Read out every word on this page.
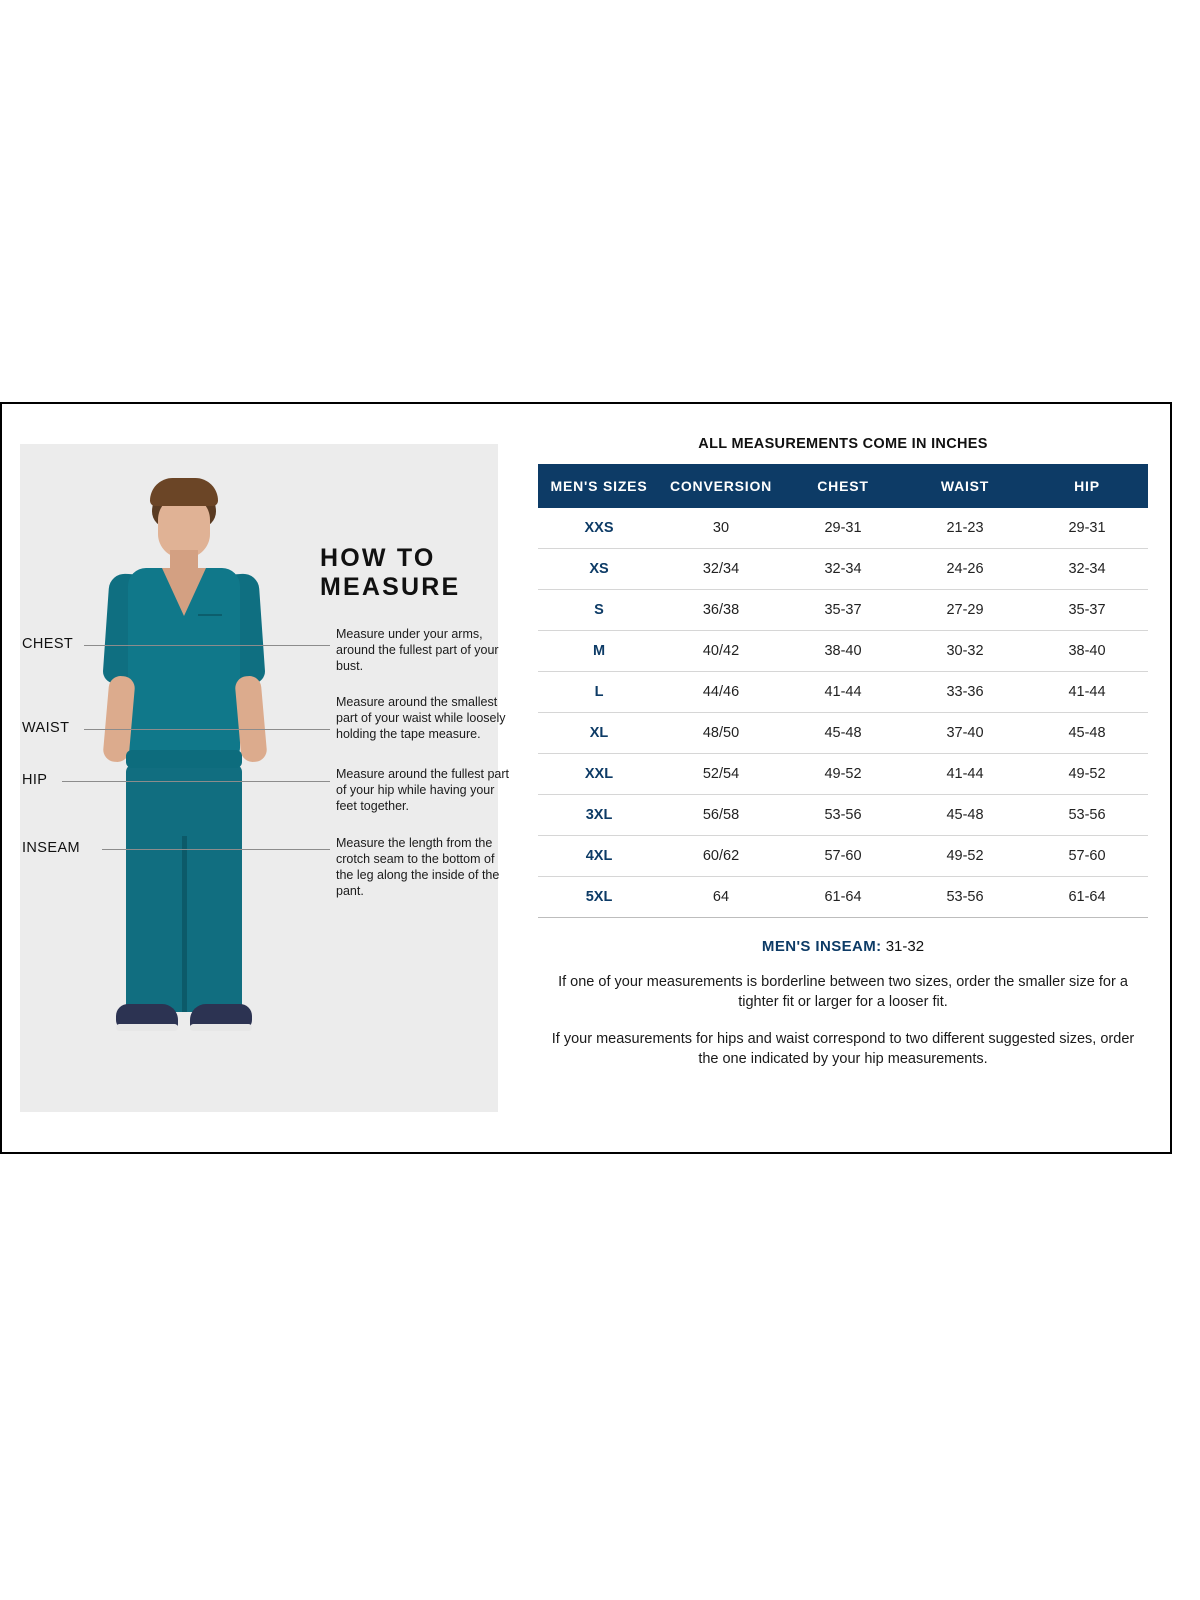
CHEST
WAIST
HIP
INSEAM
HOW TO
MEASURE
Measure under your arms, around the fullest part of your bust.
Measure around the smallest part of your waist while loosely holding the tape measure.
Measure around the fullest part of your hip while having your feet together.
Measure the length from the crotch seam to the bottom of the leg along the inside of the pant.
ALL MEASUREMENTS COME IN INCHES
MEN'S SIZES	CONVERSION	CHEST	WAIST	HIP
XXS	30	29-31	21-23	29-31
XS	32/34	32-34	24-26	32-34
S	36/38	35-37	27-29	35-37
M	40/42	38-40	30-32	38-40
L	44/46	41-44	33-36	41-44
XL	48/50	45-48	37-40	45-48
XXL	52/54	49-52	41-44	49-52
3XL	56/58	53-56	45-48	53-56
4XL	60/62	57-60	49-52	57-60
5XL	64	61-64	53-56	61-64
MEN'S INSEAM: 31-32
If one of your measurements is borderline between two sizes, order the smaller size for a tighter fit or larger for a looser fit.
If your measurements for hips and waist correspond to two different suggested sizes, order the one indicated by your hip measurements.
